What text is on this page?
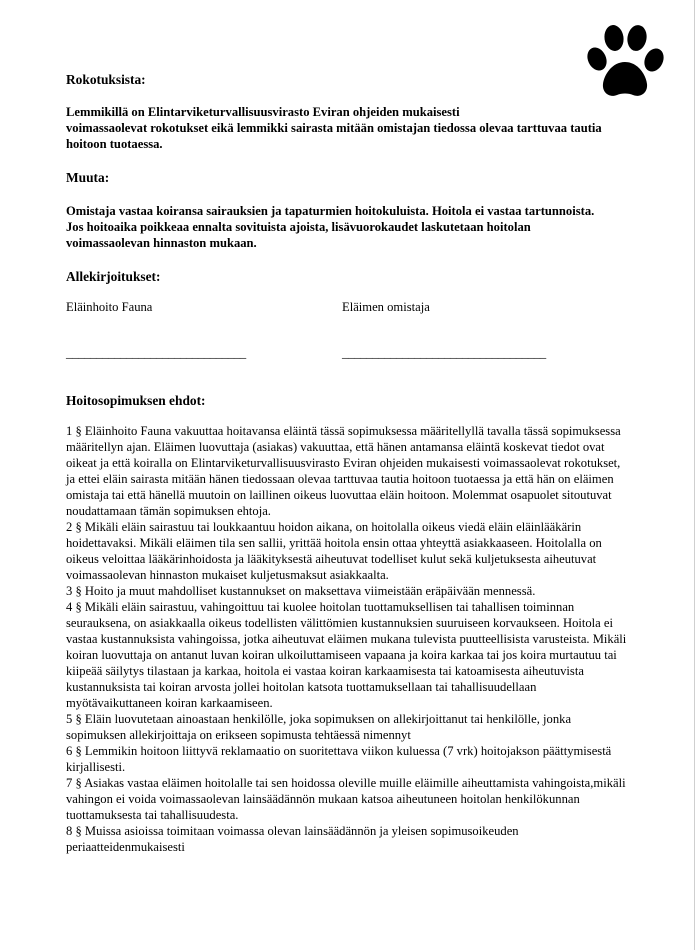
Rokotuksista:

Lemmikillä on Elintarviketurvallisuusvirasto Eviran ohjeiden mukaisesti
voimassaolevat rokotukset eikä lemmikki sairasta mitään omistajan tiedossa olevaa tarttuvaa tautia hoitoon tuotaessa.

Muuta:

Omistaja vastaa koiransa sairauksien ja tapaturmien hoitokuluista. Hoitola ei vastaa tartunnoista. Jos hoitoaika poikkeaa ennalta sovituista ajoista, lisävuorokaudet laskutetaan hoitolan voimassaolevan hinnaston mukaan.

Allekirjoitukset:

Eläinhoito Fauna	Eläimen omistaja
______________________________	__________________________________

Hoitosopimuksen ehdot:

1 § Eläinhoito Fauna vakuuttaa hoitavansa eläintä tässä sopimuksessa määritellyllä tavalla tässä sopimuksessa määritellyn ajan. Eläimen luovuttaja (asiakas) vakuuttaa, että hänen antamansa eläintä koskevat tiedot ovat oikeat ja että koiralla on Elintarviketurvallisuusvirasto Eviran ohjeiden mukaisesti voimassaolevat rokotukset, ja ettei eläin sairasta mitään hänen tiedossaan olevaa tarttuvaa tautia hoitoon tuotaessa ja että hän on eläimen omistaja tai että hänellä muutoin on laillinen oikeus luovuttaa eläin hoitoon. Molemmat osapuolet sitoutuvat noudattamaan tämän sopimuksen ehtoja.

2 § Mikäli eläin sairastuu tai loukkaantuu hoidon aikana, on hoitolalla oikeus viedä eläin eläinlääkärin hoidettavaksi. Mikäli eläimen tila sen sallii, yrittää hoitola ensin ottaa yhteyttä asiakkaaseen. Hoitolalla on oikeus veloittaa lääkärinhoidosta ja lääkityksestä aiheutuvat todelliset kulut sekä kuljetuksesta aiheutuvat voimassaolevan hinnaston mukaiset kuljetusmaksut asiakkaalta.

3 § Hoito ja muut mahdolliset kustannukset on maksettava viimeistään eräpäivään mennessä.

4 § Mikäli eläin sairastuu, vahingoittuu tai kuolee hoitolan tuottamuksellisen tai tahallisen toiminnan seurauksena, on asiakkaalla oikeus todellisten välittömien kustannuksien suuruiseen korvaukseen. Hoitola ei vastaa kustannuksista vahingoissa, jotka aiheutuvat eläimen mukana tulevista puutteellisista varusteista. Mikäli koiran luovuttaja on antanut luvan koiran ulkoiluttamiseen vapaana ja koira karkaa tai jos koira murtautuu tai kiipeää säilytys tilastaan ja karkaa, hoitola ei vastaa koiran karkaamisesta tai katoamisesta aiheutuvista kustannuksista tai koiran arvosta jollei hoitolan katsota tuottamuksellaan tai tahallisuudellaan myötävaikuttaneen koiran karkaamiseen.

5 § Eläin luovutetaan ainoastaan henkilölle, joka sopimuksen on allekirjoittanut tai henkilölle, jonka sopimuksen allekirjoittaja on erikseen sopimusta tehtäessä nimennyt

6 § Lemmikin hoitoon liittyvä reklamaatio on suoritettava viikon kuluessa (7 vrk) hoitojakson päättymisestä kirjallisesti.

7 § Asiakas vastaa eläimen hoitolalle tai sen hoidossa oleville muille eläimille aiheuttamista vahingoista,mikäli vahingon ei voida voimassaolevan lainsäädännön mukaan katsoa aiheutuneen hoitolan henkilökunnan tuottamuksesta tai tahallisuudesta.

8 § Muissa asioissa toimitaan voimassa olevan lainsäädännön ja yleisen sopimusoikeuden periaatteidenmukaisesti
